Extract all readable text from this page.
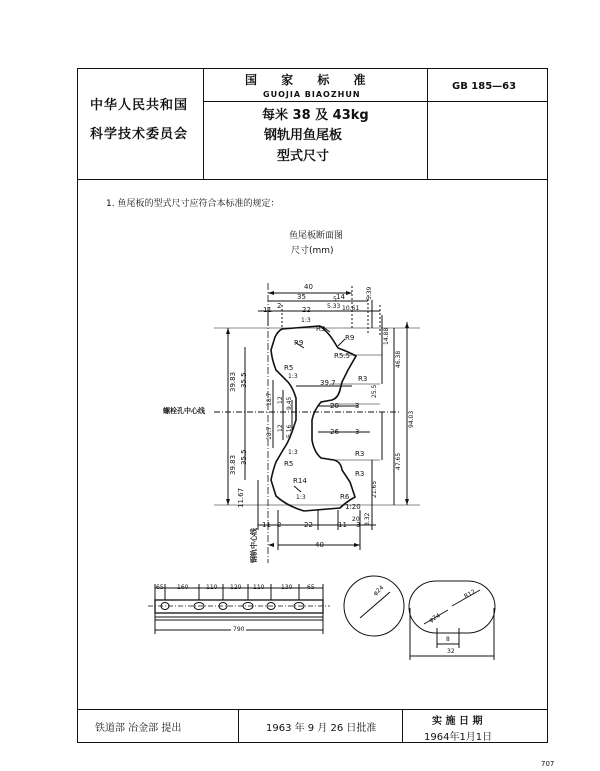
中华人民共和国
科学技术委员会
国 家 标 准
GUOJIA BIAOZHUN
每米 38 及 43kg
钢轨用鱼尾板
型式尺寸
GB 185—63
1. 鱼尾板的型式尺寸应符合本标准的规定：
鱼尾板断面图
尺寸(mm)
40
35	14
11 2	22	5.33
5
10.61
5.39
1:3
R3
R9
R9
R5.5
R5
1:3	R3
39.7
20 3
26 3
1:3
R5
R3
R3
R14
1:3	R6
1:20
20
39.83 35.5
39.83 35.5
11.67
18.7 12 9.45
18.7 12 5.16
14.88
46.38
25.5
47.65
21.65
94.03
3.32
螺栓孔中心线
钢轨中心线
11 2	22	11 3
40
65 160	110 120 110	130 65
790
φ24	R12
φ24
8
32
铁道部 冶金部 提出	1963 年 9 月 26 日批准
实 施 日 期
1964年1月1日
707
